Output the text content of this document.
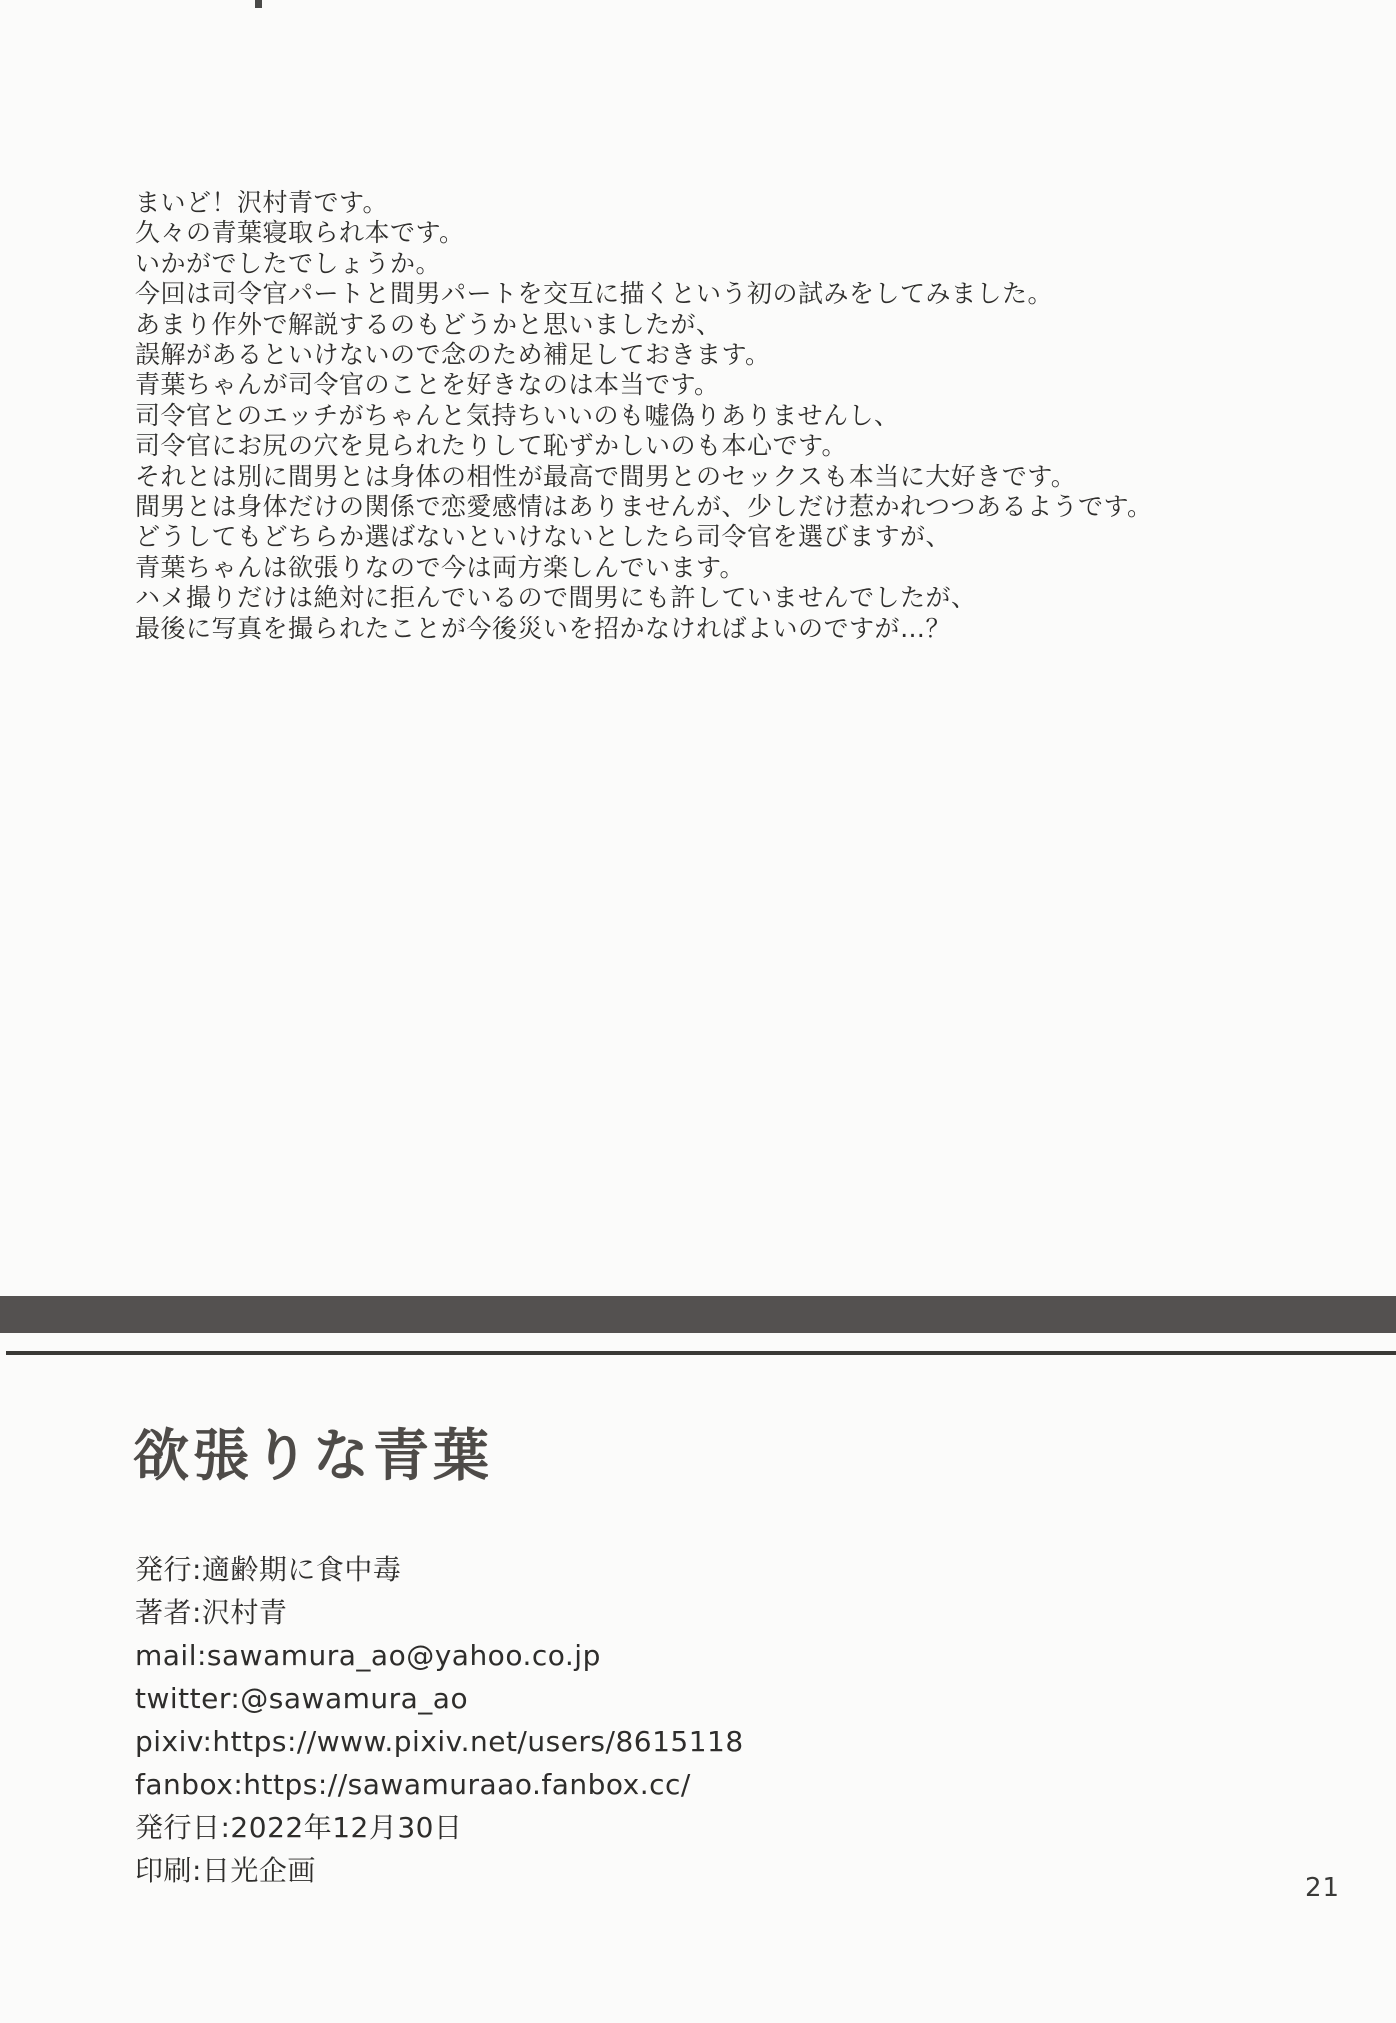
まいど！沢村青です。
久々の青葉寝取られ本です。
いかがでしたでしょうか。
今回は司令官パートと間男パートを交互に描くという初の試みをしてみました。
あまり作外で解説するのもどうかと思いましたが、
誤解があるといけないので念のため補足しておきます。
青葉ちゃんが司令官のことを好きなのは本当です。
司令官とのエッチがちゃんと気持ちいいのも嘘偽りありませんし、
司令官にお尻の穴を見られたりして恥ずかしいのも本心です。
それとは別に間男とは身体の相性が最高で間男とのセックスも本当に大好きです。
間男とは身体だけの関係で恋愛感情はありませんが、少しだけ惹かれつつあるようです。
どうしてもどちらか選ばないといけないとしたら司令官を選びますが、
青葉ちゃんは欲張りなので今は両方楽しんでいます。
ハメ撮りだけは絶対に拒んでいるので間男にも許していませんでしたが、
最後に写真を撮られたことが今後災いを招かなければよいのですが…？
欲張りな青葉
発行:適齢期に食中毒
著者:沢村青
mail:sawamura_ao@yahoo.co.jp
twitter:@sawamura_ao
pixiv:https://www.pixiv.net/users/8615118
fanbox:https://sawamuraao.fanbox.cc/
発行日:2022年12月30日
印刷:日光企画
21
